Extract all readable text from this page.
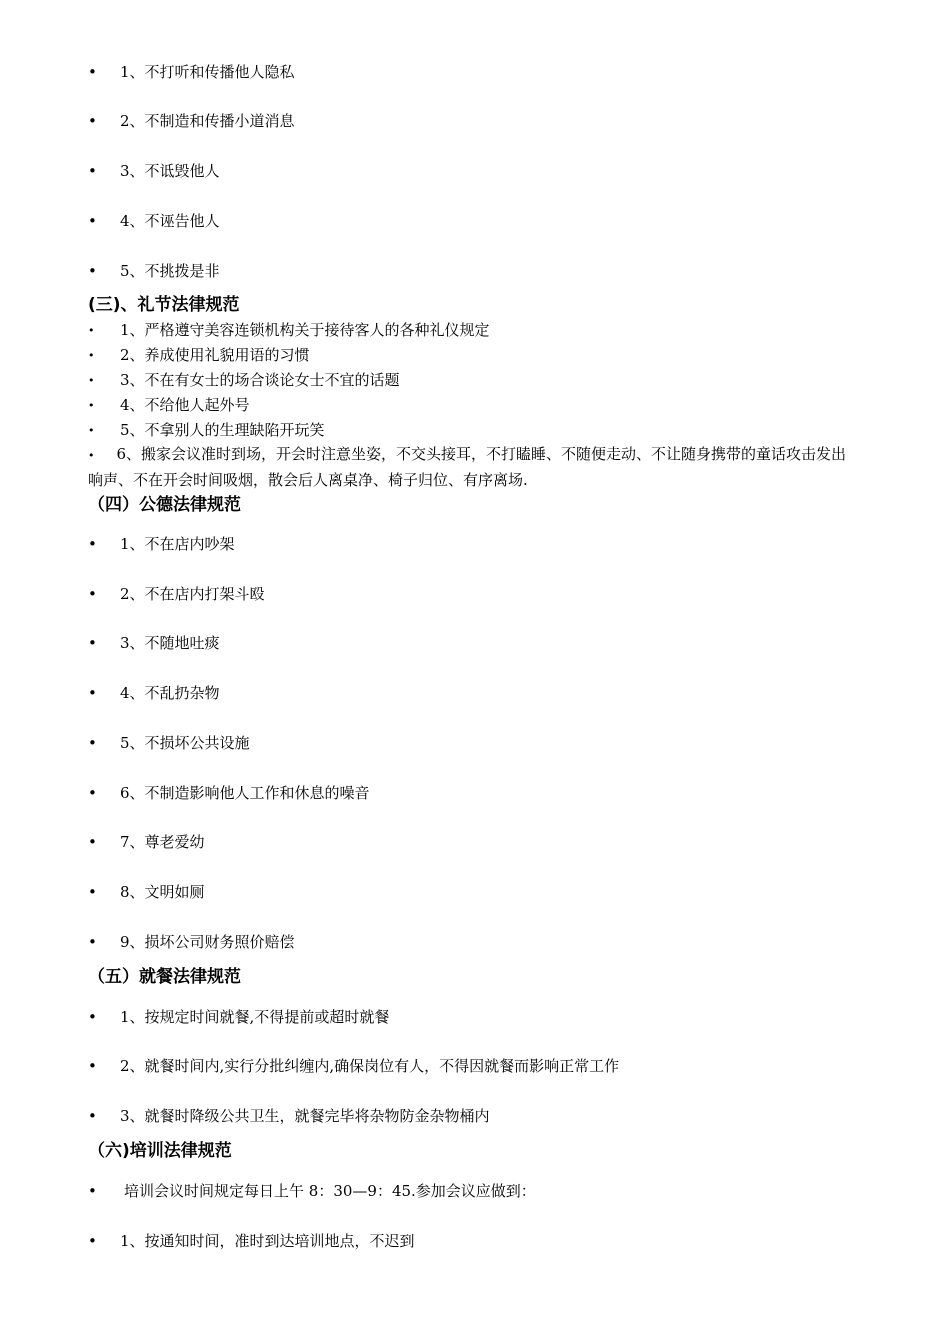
• 1、不打听和传播他人隐私
• 2、不制造和传播小道消息
• 3、不诋毁他人
• 4、不诬告他人
• 5、不挑拨是非
(三)、礼节法律规范
• 1、严格遵守美容连锁机构关于接待客人的各种礼仪规定
• 2、养成使用礼貌用语的习惯
• 3、不在有女士的场合谈论女士不宜的话题
• 4、不给他人起外号
• 5、不拿别人的生理缺陷开玩笑
• 6、搬家会议准时到场，开会时注意坐姿，不交头接耳，不打瞌睡、不随便走动、不让随身携带的童话攻击发出响声、不在开会时间吸烟，散会后人离桌净、椅子归位、有序离场.
（四）公德法律规范
• 1、不在店内吵架
• 2、不在店内打架斗殴
• 3、不随地吐痰
• 4、不乱扔杂物
• 5、不损坏公共设施
• 6、不制造影响他人工作和休息的噪音
• 7、尊老爱幼
• 8、文明如厕
• 9、损坏公司财务照价赔偿
（五）就餐法律规范
• 1、按规定时间就餐,不得提前或超时就餐
• 2、就餐时间内,实行分批纠缠内,确保岗位有人，不得因就餐而影响正常工作
• 3、就餐时降级公共卫生，就餐完毕将杂物防金杂物桶内
（六)培训法律规范
• 培训会议时间规定每日上午 8：30—9：45.参加会议应做到：
• 1、按通知时间，准时到达培训地点，不迟到
